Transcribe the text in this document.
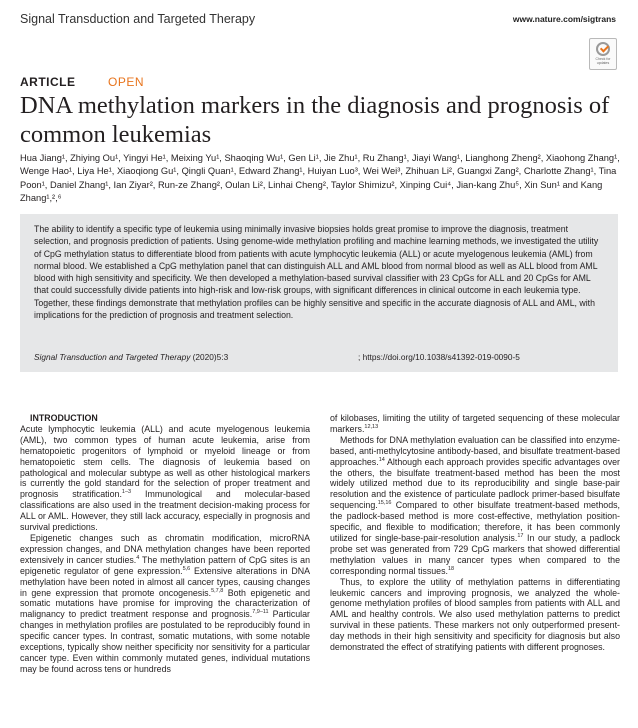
Signal Transduction and Targeted Therapy	www.nature.com/sigtrans
Check for updates
ARTICLE	OPEN
DNA methylation markers in the diagnosis and prognosis of common leukemias
Hua Jiang¹, Zhiying Ou¹, Yingyi He¹, Meixing Yu¹, Shaoqing Wu¹, Gen Li¹, Jie Zhu¹, Ru Zhang¹, Jiayi Wang¹, Lianghong Zheng², Xiaohong Zhang¹, Wenge Hao¹, Liya He¹, Xiaoqiong Gu¹, Qingli Quan¹, Edward Zhang¹, Huiyan Luo³, Wei Wei³, Zhihuan Li², Guangxi Zang², Charlotte Zhang¹, Tina Poon¹, Daniel Zhang¹, Ian Ziyar², Run-ze Zhang², Oulan Li², Linhai Cheng², Taylor Shimizu², Xinping Cui⁴, Jian-kang Zhu⁵, Xin Sun¹ and Kang Zhang¹,²,⁶
The ability to identify a specific type of leukemia using minimally invasive biopsies holds great promise to improve the diagnosis, treatment selection, and prognosis prediction of patients. Using genome-wide methylation profiling and machine learning methods, we investigated the utility of CpG methylation status to differentiate blood from patients with acute lymphocytic leukemia (ALL) or acute myelogenous leukemia (AML) from normal blood. We established a CpG methylation panel that can distinguish ALL and AML blood from normal blood as well as ALL blood from AML blood with high sensitivity and specificity. We then developed a methylation-based survival classifier with 23 CpGs for ALL and 20 CpGs for AML that could successfully divide patients into high-risk and low-risk groups, with significant differences in clinical outcome in each leukemia type. Together, these findings demonstrate that methylation profiles can be highly sensitive and specific in the accurate diagnosis of ALL and AML, with implications for the prediction of prognosis and treatment selection.
Signal Transduction and Targeted Therapy (2020)5:3	; https://doi.org/10.1038/s41392-019-0090-5

INTRODUCTION

Acute lymphocytic leukemia (ALL) and acute myelogenous leukemia (AML), two common types of human acute leukemia, arise from hematopoietic progenitors of lymphoid or myeloid lineage or from hematopoietic stem cells. The diagnosis of leukemia based on pathological and molecular subtype as well as other histological markers is currently the gold standard for the selection of proper treatment and prognosis stratification.$^{1-3}$ Immunological and molecular-based classifications are also used in the treatment decision-making process for ALL or AML. However, they still lack accuracy, especially in prognosis and survival predictions.

Epigenetic changes such as chromatin modification, microRNA expression changes, and DNA methylation changes have been reported extensively in cancer studies.$^4$ The methylation pattern of CpG sites is an epigenetic regulator of gene expression.$^{5,6}$ Extensive alterations in DNA methylation have been noted in almost all cancer types, causing changes in gene expression that promote oncogenesis.$^{5,7,8}$ Both epigenetic and somatic mutations have promise for improving the characterization of malignancy to predict treatment response and prognosis.$^{7,9-11}$ Particular changes in methylation profiles are postulated to be reproducibly found in specific cancer types. In contrast, somatic mutations, with some notable exceptions, typically show neither specificity nor sensitivity for a particular cancer type. Even within commonly mutated genes, individual mutations may be found across tens or hundreds

of kilobases, limiting the utility of targeted sequencing of these molecular markers.$^{12,13}$

Methods for DNA methylation evaluation can be classified into enzyme-based, anti-methylcytosine antibody-based, and bisulfate treatment-based approaches.$^{14}$ Although each approach provides specific advantages over the others, the bisulfate treatment-based method has been the most widely utilized method due to its reproducibility and single base-pair resolution and the existence of particulate padlock primer-based bisulfate sequencing.$^{15,16}$ Compared to other bisulfate treatment-based methods, the padlock-based method is more cost-effective, methylation position-specific, and flexible to modification; therefore, it has been commonly utilized for single-base-pair-resolution analysis.$^{17}$ In our study, a padlock probe set was generated from 729 CpG markers that showed differential methylation values in many cancer types when compared to the corresponding normal tissues.$^{18}$

Thus, to explore the utility of methylation patterns in differentiating leukemic cancers and improving prognosis, we analyzed the whole-genome methylation profiles of blood samples from patients with ALL and AML and healthy controls. We also used methylation patterns to predict survival in these patients. These markers not only outperformed present-day methods in their high sensitivity and specificity for diagnosis but also demonstrated the effect of stratifying patients with different prognoses.
